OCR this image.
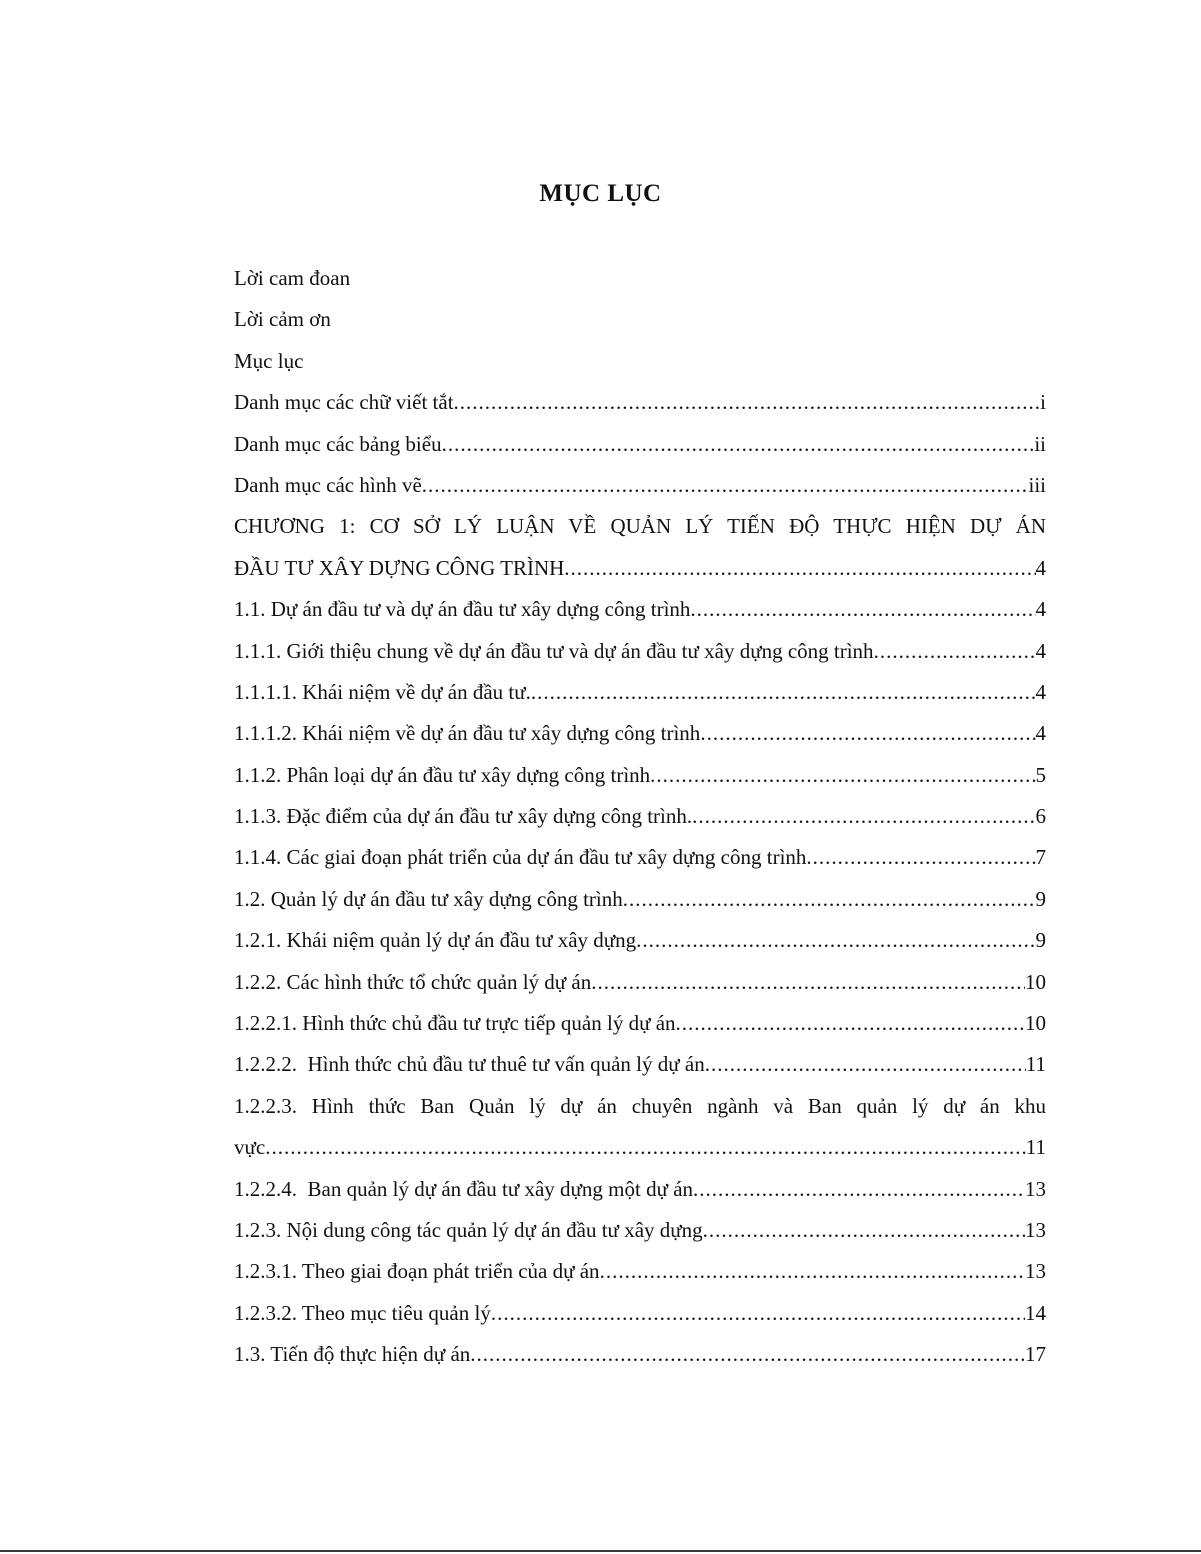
MỤC LỤC
Lời cam đoan
Lời cảm ơn
Mục lục
Danh mục các chữ viết tắt .....	i
Danh mục các bảng biểu .....	ii
Danh mục các hình vẽ .....	iii
CHƯƠNG 1: CƠ SỞ LÝ LUẬN VỀ QUẢN LÝ TIẾN ĐỘ THỰC HIỆN DỰ ÁN
ĐẦU TƯ XÂY DỰNG CÔNG TRÌNH .....	4
1.1. Dự án đầu tư và dự án đầu tư xây dựng công trình .....	4
1.1.1. Giới thiệu chung về dự án đầu tư và dự án đầu tư xây dựng công trình .....	4
1.1.1.1. Khái niệm về dự án đầu tư. .....	4
1.1.1.2. Khái niệm về dự án đầu tư xây dựng công trình .....	4
1.1.2. Phân loại dự án đầu tư xây dựng công trình .....	5
1.1.3. Đặc điểm của dự án đầu tư xây dựng công trình. .....	6
1.1.4. Các giai đoạn phát triển của dự án đầu tư xây dựng công trình .....	7
1.2. Quản lý dự án đầu tư xây dựng công trình .....	9
1.2.1. Khái niệm quản lý dự án đầu tư xây dựng .....	9
1.2.2. Các hình thức tổ chức quản lý dự án .....	10
1.2.2.1. Hình thức chủ đầu tư trực tiếp quản lý dự án .....	10
1.2.2.2.  Hình thức chủ đầu tư thuê tư vấn quản lý dự án .....	11
1.2.2.3. Hình thức Ban Quản lý dự án chuyên ngành và Ban quản lý dự án khu
vực .....	11
1.2.2.4.  Ban quản lý dự án đầu tư xây dựng một dự án .....	13
1.2.3. Nội dung công tác quản lý dự án đầu tư xây dựng .....	13
1.2.3.1. Theo giai đoạn phát triển của dự án .....	13
1.2.3.2. Theo mục tiêu quản lý .....	14
1.3. Tiến độ thực hiện dự án .....	17
